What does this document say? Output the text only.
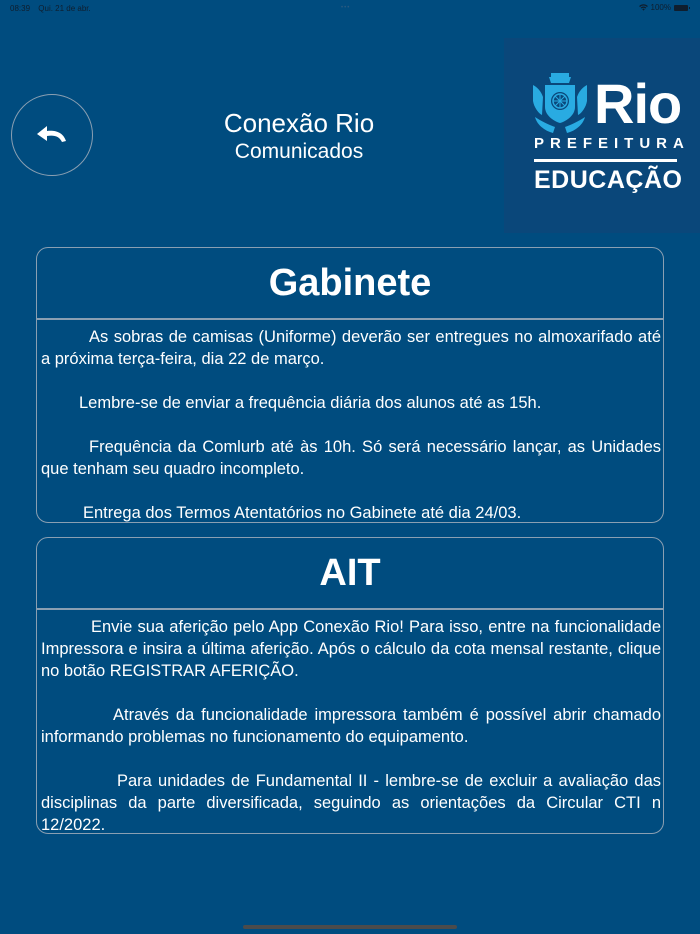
08:39 Qui. 21 de abr.	•••	100%
Conexão Rio
Comunicados
Rio
PREFEITURA
EDUCAÇÃO
Gabinete

As sobras de camisas (Uniforme) deverão ser entregues no almoxarifado até a próxima terça-feira, dia 22 de março.

Lembre-se de enviar a frequência diária dos alunos até as 15h.

Frequência da Comlurb até às 10h. Só será necessário lançar, as Unidades que tenham seu quadro incompleto.

Entrega dos Termos Atentatórios no Gabinete até dia 24/03.

AIT

Envie sua aferição pelo App Conexão Rio! Para isso, entre na funcionalidade Impressora e insira a última aferição. Após o cálculo da cota mensal restante, clique no botão REGISTRAR AFERIÇÃO.

Através da funcionalidade impressora também é possível abrir chamado informando problemas no funcionamento do equipamento.

Para unidades de Fundamental II - lembre-se de excluir a avaliação das disciplinas da parte diversificada, seguindo as orientações da Circular CTI n 12/2022.
